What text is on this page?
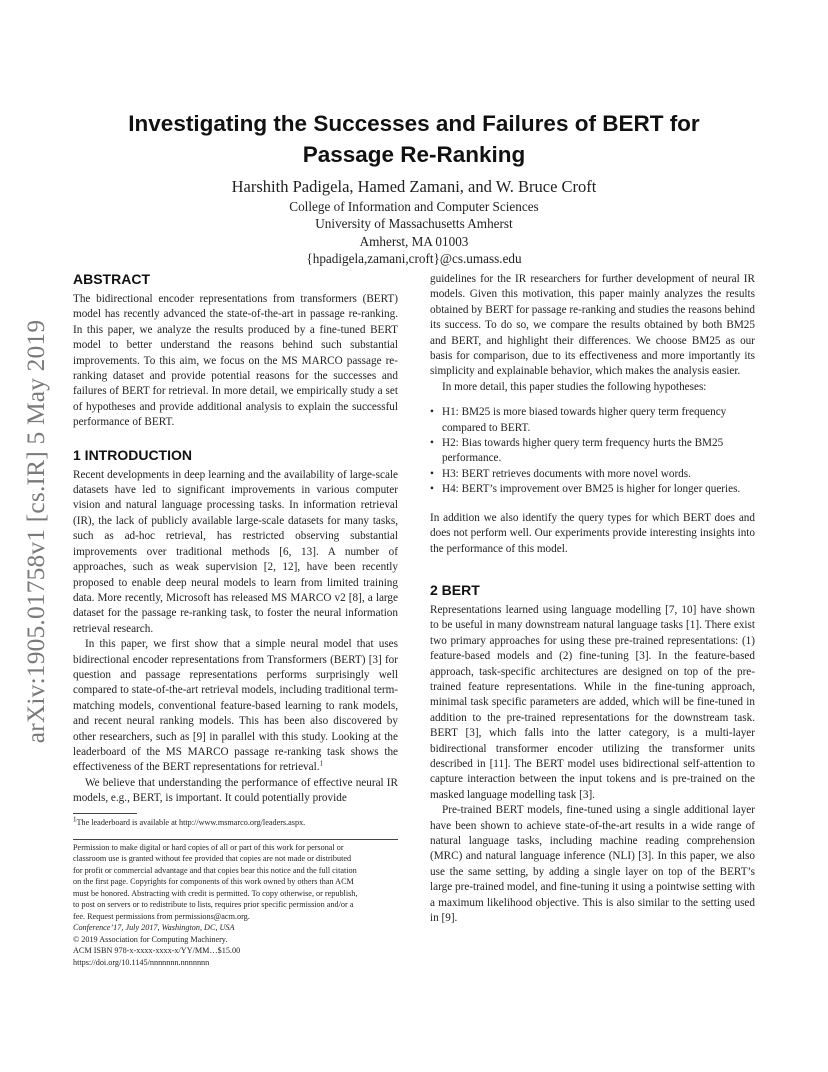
arXiv:1905.01758v1 [cs.IR] 5 May 2019
Investigating the Successes and Failures of BERT for Passage Re-Ranking
Harshith Padigela, Hamed Zamani, and W. Bruce Croft
College of Information and Computer Sciences
University of Massachusetts Amherst
Amherst, MA 01003
{hpadigela,zamani,croft}@cs.umass.edu
ABSTRACT

The bidirectional encoder representations from transformers (BERT) model has recently advanced the state-of-the-art in passage re-ranking. In this paper, we analyze the results produced by a fine-tuned BERT model to better understand the reasons behind such substantial improvements. To this aim, we focus on the MS MARCO passage re-ranking dataset and provide potential reasons for the successes and failures of BERT for retrieval. In more detail, we empirically study a set of hypotheses and provide additional analysis to explain the successful performance of BERT.

1 INTRODUCTION

Recent developments in deep learning and the availability of large-scale datasets have led to significant improvements in various computer vision and natural language processing tasks. In information retrieval (IR), the lack of publicly available large-scale datasets for many tasks, such as ad-hoc retrieval, has restricted observing substantial improvements over traditional methods [6, 13]. A number of approaches, such as weak supervision [2, 12], have been recently proposed to enable deep neural models to learn from limited training data. More recently, Microsoft has released MS MARCO v2 [8], a large dataset for the passage re-ranking task, to foster the neural information retrieval research.

In this paper, we first show that a simple neural model that uses bidirectional encoder representations from Transformers (BERT) [3] for question and passage representations performs surprisingly well compared to state-of-the-art retrieval models, including traditional term-matching models, conventional feature-based learning to rank models, and recent neural ranking models. This has been also discovered by other researchers, such as [9] in parallel with this study. Looking at the leaderboard of the MS MARCO passage re-ranking task shows the effectiveness of the BERT representations for retrieval.$^1$

We believe that understanding the performance of effective neural IR models, e.g., BERT, is important. It could potentially provide

$^1$The leaderboard is available at http://www.msmarco.org/leaders.aspx.
Permission to make digital or hard copies of all or part of this work for personal or
classroom use is granted without fee provided that copies are not made or distributed
for profit or commercial advantage and that copies bear this notice and the full citation
on the first page. Copyrights for components of this work owned by others than ACM
must be honored. Abstracting with credit is permitted. To copy otherwise, or republish,
to post on servers or to redistribute to lists, requires prior specific permission and/or a
fee. Request permissions from permissions@acm.org.
Conference’17, July 2017, Washington, DC, USA
© 2019 Association for Computing Machinery.
ACM ISBN 978-x-xxxx-xxxx-x/YY/MM…$15.00
https://doi.org/10.1145/nnnnnnn.nnnnnnn

guidelines for the IR researchers for further development of neural IR models. Given this motivation, this paper mainly analyzes the results obtained by BERT for passage re-ranking and studies the reasons behind its success. To do so, we compare the results obtained by both BM25 and BERT, and highlight their differences. We choose BM25 as our basis for comparison, due to its effectiveness and more importantly its simplicity and explainable behavior, which makes the analysis easier.

In more detail, this paper studies the following hypotheses:

• H1: BM25 is more biased towards higher query term frequency compared to BERT.
• H2: Bias towards higher query term frequency hurts the BM25 performance.
• H3: BERT retrieves documents with more novel words.
• H4: BERT’s improvement over BM25 is higher for longer queries.

In addition we also identify the query types for which BERT does and does not perform well. Our experiments provide interesting insights into the performance of this model.

2 BERT

Representations learned using language modelling [7, 10] have shown to be useful in many downstream natural language tasks [1]. There exist two primary approaches for using these pre-trained representations: (1) feature-based models and (2) fine-tuning [3]. In the feature-based approach, task-specific architectures are designed on top of the pre-trained feature representations. While in the fine-tuning approach, minimal task specific parameters are added, which will be fine-tuned in addition to the pre-trained representations for the downstream task. BERT [3], which falls into the latter category, is a multi-layer bidirectional transformer encoder utilizing the transformer units described in [11]. The BERT model uses bidirectional self-attention to capture interaction between the input tokens and is pre-trained on the masked language modelling task [3].

Pre-trained BERT models, fine-tuned using a single additional layer have been shown to achieve state-of-the-art results in a wide range of natural language tasks, including machine reading comprehension (MRC) and natural language inference (NLI) [3]. In this paper, we also use the same setting, by adding a single layer on top of the BERT’s large pre-trained model, and fine-tuning it using a pointwise setting with a maximum likelihood objective. This is also similar to the setting used in [9].
